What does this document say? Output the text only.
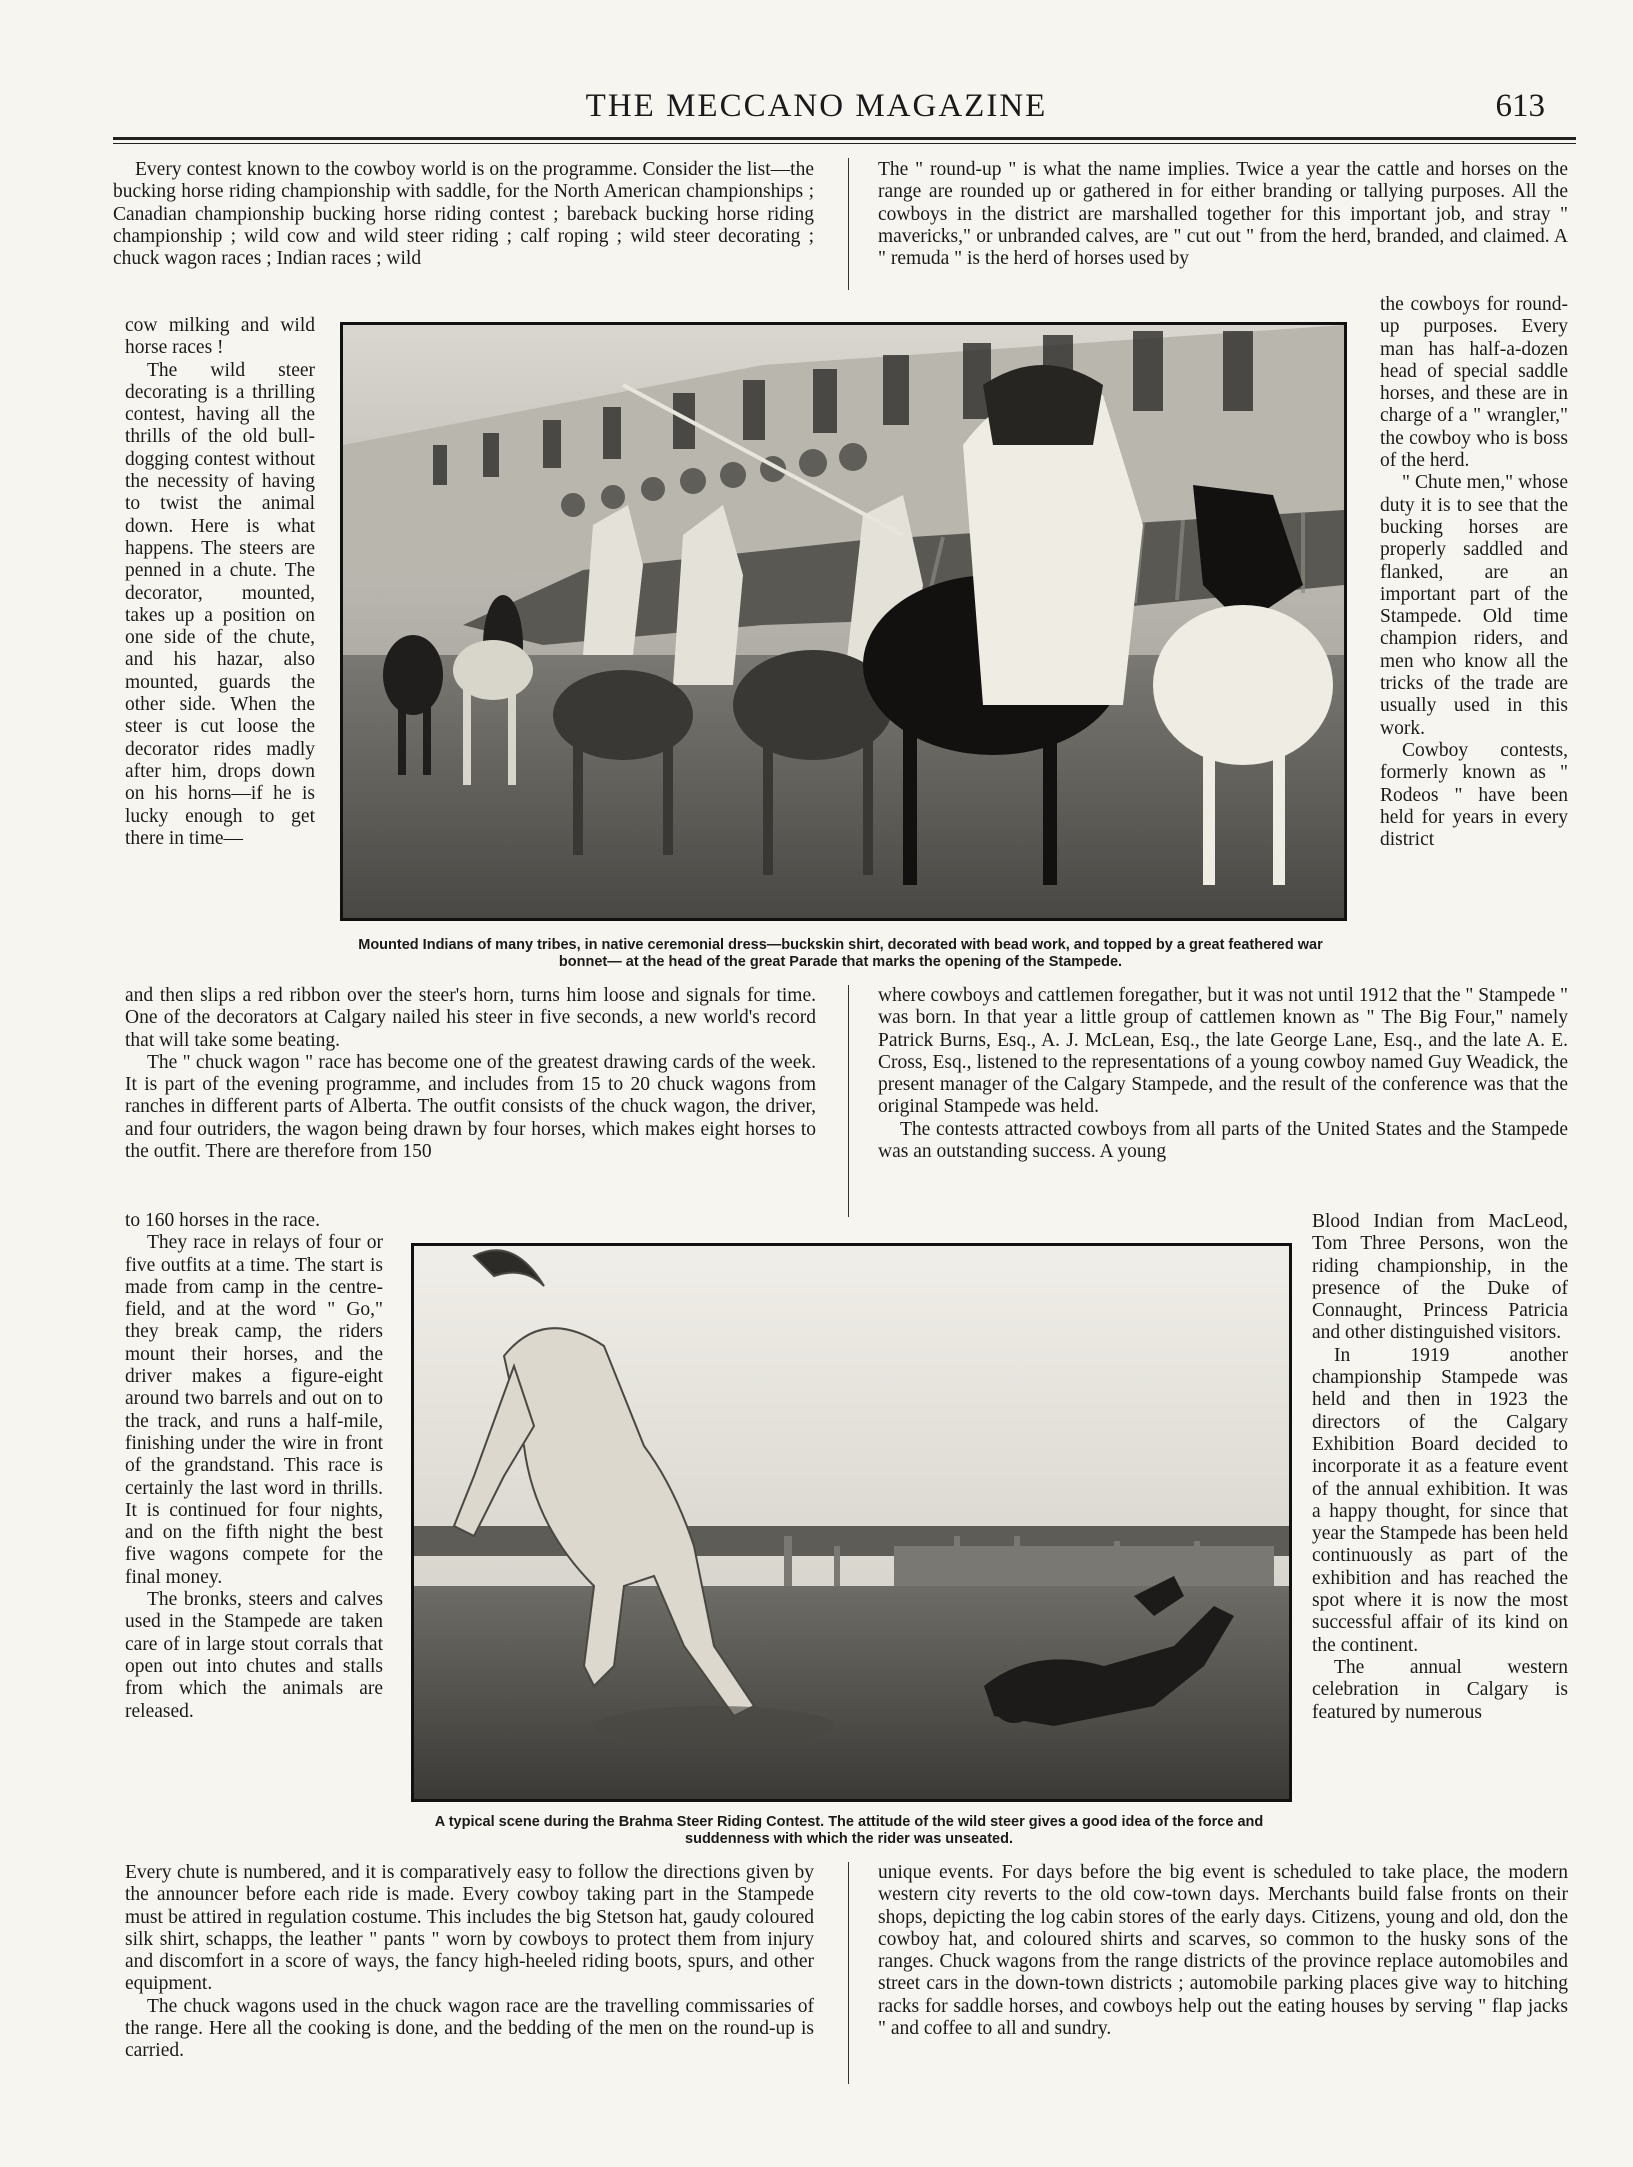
THE MECCANO MAGAZINE	613

Every contest known to the cowboy world is on the programme. Consider the list—the bucking horse riding championship with saddle, for the North American championships ; Canadian championship bucking horse riding contest ; bareback bucking horse riding championship ; wild cow and wild steer riding ; calf roping ; wild steer decorating ; chuck wagon races ; Indian races ; wild

cow milking and wild horse races !

The wild steer decorating is a thrilling contest, having all the thrills of the old bull-dogging contest without the necessity of having to twist the animal down. Here is what happens. The steers are penned in a chute. The decorator, mounted, takes up a position on one side of the chute, and his hazar, also mounted, guards the other side. When the steer is cut loose the decorator rides madly after him, drops down on his horns—if he is lucky enough to get there in time—

Mounted Indians of many tribes, in native ceremonial dress—buckskin shirt, decorated with bead work, and topped by a great feathered war bonnet— at the head of the great Parade that marks the opening of the Stampede.

The " round-up " is what the name implies. Twice a year the cattle and horses on the range are rounded up or gathered in for either branding or tallying purposes. All the cowboys in the district are marshalled together for this important job, and stray " mavericks," or unbranded calves, are " cut out " from the herd, branded, and claimed. A " remuda " is the herd of horses used by

the cowboys for round-up purposes. Every man has half-a-dozen head of special saddle horses, and these are in charge of a " wrangler," the cowboy who is boss of the herd.

" Chute men," whose duty it is to see that the bucking horses are properly saddled and flanked, are an important part of the Stampede. Old time champion riders, and men who know all the tricks of the trade are usually used in this work.

Cowboy contests, formerly known as " Rodeos " have been held for years in every district

and then slips a red ribbon over the steer's horn, turns him loose and signals for time. One of the decorators at Calgary nailed his steer in five seconds, a new world's record that will take some beating.

The " chuck wagon " race has become one of the greatest drawing cards of the week. It is part of the evening programme, and includes from 15 to 20 chuck wagons from ranches in different parts of Alberta. The outfit consists of the chuck wagon, the driver, and four outriders, the wagon being drawn by four horses, which makes eight horses to the outfit. There are therefore from 150

where cowboys and cattlemen foregather, but it was not until 1912 that the " Stampede " was born. In that year a little group of cattlemen known as " The Big Four," namely Patrick Burns, Esq., A. J. McLean, Esq., the late George Lane, Esq., and the late A. E. Cross, Esq., listened to the representations of a young cowboy named Guy Weadick, the present manager of the Calgary Stampede, and the result of the conference was that the original Stampede was held.

The contests attracted cowboys from all parts of the United States and the Stampede was an outstanding success. A young

to 160 horses in the race.

They race in relays of four or five outfits at a time. The start is made from camp in the centre-field, and at the word " Go," they break camp, the riders mount their horses, and the driver makes a figure-eight around two barrels and out on to the track, and runs a half-mile, finishing under the wire in front of the grandstand. This race is certainly the last word in thrills. It is continued for four nights, and on the fifth night the best five wagons compete for the final money.

The bronks, steers and calves used in the Stampede are taken care of in large stout corrals that open out into chutes and stalls from which the animals are released.

A typical scene during the Brahma Steer Riding Contest. The attitude of the wild steer gives a good idea of the force and suddenness with which the rider was unseated.

Blood Indian from MacLeod, Tom Three Persons, won the riding championship, in the presence of the Duke of Connaught, Princess Patricia and other distinguished visitors.

In 1919 another championship Stampede was held and then in 1923 the directors of the Calgary Exhibition Board decided to incorporate it as a feature event of the annual exhibition. It was a happy thought, for since that year the Stampede has been held continuously as part of the exhibition and has reached the spot where it is now the most successful affair of its kind on the continent.

The annual western celebration in Calgary is featured by numerous

Every chute is numbered, and it is comparatively easy to follow the directions given by the announcer before each ride is made. Every cowboy taking part in the Stampede must be attired in regulation costume. This includes the big Stetson hat, gaudy coloured silk shirt, schapps, the leather " pants " worn by cowboys to protect them from injury and discomfort in a score of ways, the fancy high-heeled riding boots, spurs, and other equipment.

The chuck wagons used in the chuck wagon race are the travelling commissaries of the range. Here all the cooking is done, and the bedding of the men on the round-up is carried.

unique events. For days before the big event is scheduled to take place, the modern western city reverts to the old cow-town days. Merchants build false fronts on their shops, depicting the log cabin stores of the early days. Citizens, young and old, don the cowboy hat, and coloured shirts and scarves, so common to the husky sons of the ranges. Chuck wagons from the range districts of the province replace automobiles and street cars in the down-town districts ; automobile parking places give way to hitching racks for saddle horses, and cowboys help out the eating houses by serving " flap jacks " and coffee to all and sundry.
